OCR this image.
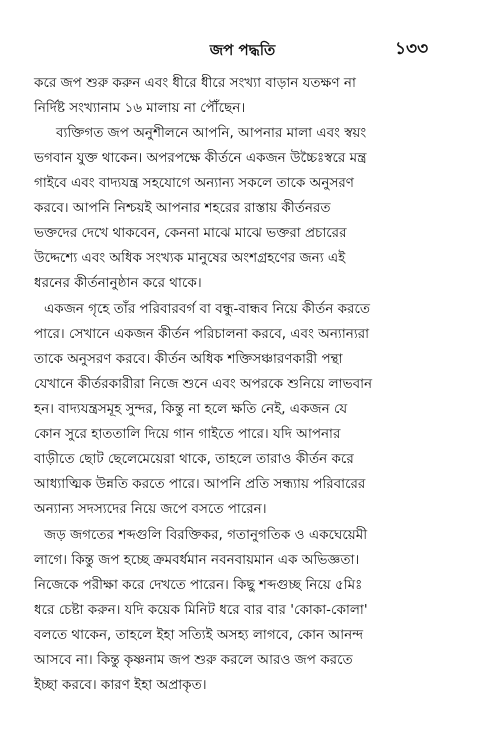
জপ পদ্ধতি	১৩৩
করে জপ শুরু করুন এবং ধীরে ধীরে সংখ্যা বাড়ান যতক্ষণ না
নির্দিষ্ট সংখ্যানাম ১৬ মালায় না পৌঁছেন।
ব্যক্তিগত জপ অনুশীলনে আপনি, আপনার মালা এবং স্বয়ং
ভগবান যুক্ত থাকেন। অপরপক্ষে কীর্তনে একজন উচ্চৈঃস্বরে মন্ত্র
গাইবে এবং বাদ্যযন্ত্র সহযোগে অন্যান্য সকলে তাকে অনুসরণ
করবে। আপনি নিশ্চয়ই আপনার শহরের রাস্তায় কীর্তনরত
ভক্তদের দেখে থাকবেন, কেননা মাঝে মাঝে ভক্তরা প্রচারের
উদ্দেশ্যে এবং অধিক সংখ্যক মানুষের অংশগ্রহণের জন্য এই
ধরনের কীর্তনানুষ্ঠান করে থাকে।
একজন গৃহে তাঁর পরিবারবর্গ বা বন্ধু-বান্ধব নিয়ে কীর্তন করতে
পারে। সেখানে একজন কীর্তন পরিচালনা করবে, এবং অন্যান্যরা
তাকে অনুসরণ করবে। কীর্তন অধিক শক্তিসঞ্চারণকারী পন্থা
যেখানে কীর্তরকারীরা নিজে শুনে এবং অপরকে শুনিয়ে লাভবান
হন। বাদ্যযন্ত্রসমূহ সুন্দর, কিন্তু না হলে ক্ষতি নেই, একজন যে
কোন সুরে হাততালি দিয়ে গান গাইতে পারে। যদি আপনার
বাড়ীতে ছোট ছেলেমেয়েরা থাকে, তাহলে তারাও কীর্তন করে
আধ্যাত্মিক উন্নতি করতে পারে। আপনি প্রতি সন্ধ্যায় পরিবারের
অন্যান্য সদস্যদের নিয়ে জপে বসতে পারেন।
জড় জগতের শব্দগুলি বিরক্তিকর, গতানুগতিক ও একঘেয়েমী
লাগে। কিন্তু জপ হচ্ছে ক্রমবর্ধমান নবনবায়মান এক অভিজ্ঞতা।
নিজেকে পরীক্ষা করে দেখতে পারেন। কিছু শব্দগুচ্ছ নিয়ে ৫মিঃ
ধরে চেষ্টা করুন। যদি কয়েক মিনিট ধরে বার বার 'কোকা-কোলা'
বলতে থাকেন, তাহলে ইহা সত্যিই অসহ্য লাগবে, কোন আনন্দ
আসবে না। কিন্তু কৃষ্ণনাম জপ শুরু করলে আরও জপ করতে
ইচ্ছা করবে। কারণ ইহা অপ্রাকৃত।
